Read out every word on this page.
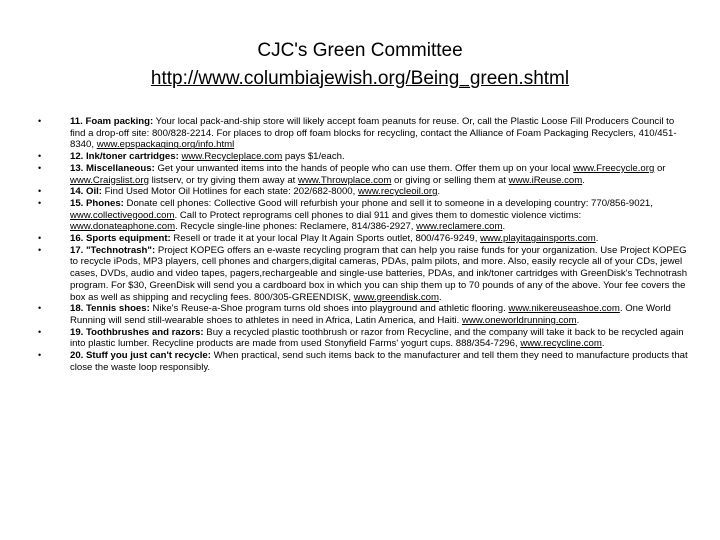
CJC's Green Committee
http://www.columbiajewish.org/Being_green.shtml
•	11. Foam packing: Your local pack-and-ship store will likely accept foam peanuts for reuse. Or, call the Plastic Loose Fill Producers Council to find a drop-off site: 800/828-2214. For places to drop off foam blocks for recycling, contact the Alliance of Foam Packaging Recyclers, 410/451-8340, www.epspackaging.org/info.html
•	12. Ink/toner cartridges: www.Recycleplace.com pays $1/each.
•	13. Miscellaneous: Get your unwanted items into the hands of people who can use them. Offer them up on your local www.Freecycle.org or www.Craigslist.org listserv, or try giving them away at www.Throwplace.com or giving or selling them at www.iReuse.com.
•	14. Oil: Find Used Motor Oil Hotlines for each state: 202/682-8000, www.recycleoil.org.
•	15. Phones: Donate cell phones: Collective Good will refurbish your phone and sell it to someone in a developing country: 770/856-9021, www.collectivegood.com. Call to Protect reprograms cell phones to dial 911 and gives them to domestic violence victims: www.donateaphone.com. Recycle single-line phones: Reclamere, 814/386-2927, www.reclamere.com.
•	16. Sports equipment: Resell or trade it at your local Play It Again Sports outlet, 800/476-9249, www.playitagainsports.com.
•	17. "Technotrash": Project KOPEG offers an e-waste recycling program that can help you raise funds for your organization. Use Project KOPEG to recycle iPods, MP3 players, cell phones and chargers,digital cameras, PDAs, palm pilots, and more. Also, easily recycle all of your CDs, jewel cases, DVDs, audio and video tapes, pagers,rechargeable and single-use batteries, PDAs, and ink/toner cartridges with GreenDisk's Technotrash program. For $30, GreenDisk will send you a cardboard box in which you can ship them up to 70 pounds of any of the above. Your fee covers the box as well as shipping and recycling fees. 800/305-GREENDISK, www.greendisk.com.
•	18. Tennis shoes: Nike's Reuse-a-Shoe program turns old shoes into playground and athletic flooring. www.nikereuseashoe.com. One World Running will send still-wearable shoes to athletes in need in Africa, Latin America, and Haiti. www.oneworldrunning.com.
•	19. Toothbrushes and razors: Buy a recycled plastic toothbrush or razor from Recycline, and the company will take it back to be recycled again into plastic lumber. Recycline products are made from used Stonyfield Farms' yogurt cups. 888/354-7296, www.recycline.com.
•	20. Stuff you just can't recycle: When practical, send such items back to the manufacturer and tell them they need to manufacture products that close the waste loop responsibly.
